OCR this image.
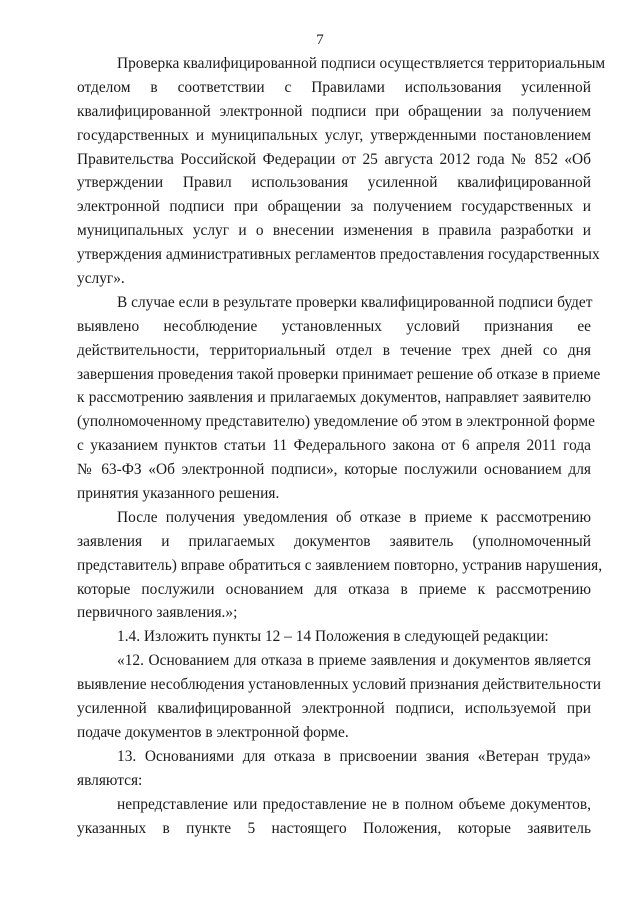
7
Проверка квалифицированной подписи осуществляется территориальным
отделом в соответствии с Правилами использования усиленной
квалифицированной электронной подписи при обращении за получением
государственных и муниципальных услуг, утвержденными постановлением
Правительства Российской Федерации от 25 августа 2012 года № 852 «Об
утверждении Правил использования усиленной квалифицированной
электронной подписи при обращении за получением государственных и
муниципальных услуг и о внесении изменения в правила разработки и
утверждения административных регламентов предоставления государственных
услуг».
В случае если в результате проверки квалифицированной подписи будет
выявлено несоблюдение установленных условий признания ее
действительности, территориальный отдел в течение трех дней со дня
завершения проведения такой проверки принимает решение об отказе в приеме
к рассмотрению заявления и прилагаемых документов, направляет заявителю
(уполномоченному представителю) уведомление об этом в электронной форме
с указанием пунктов статьи 11 Федерального закона от 6 апреля 2011 года
№ 63-ФЗ «Об электронной подписи», которые послужили основанием для
принятия указанного решения.
После получения уведомления об отказе в приеме к рассмотрению
заявления и прилагаемых документов заявитель (уполномоченный
представитель) вправе обратиться с заявлением повторно, устранив нарушения,
которые послужили основанием для отказа в приеме к рассмотрению
первичного заявления.»;
1.4. Изложить пункты 12 – 14 Положения в следующей редакции:
«12. Основанием для отказа в приеме заявления и документов является
выявление несоблюдения установленных условий признания действительности
усиленной квалифицированной электронной подписи, используемой при
подаче документов в электронной форме.
13. Основаниями для отказа в присвоении звания «Ветеран труда»
являются:
непредставление или предоставление не в полном объеме документов,
указанных в пункте 5 настоящего Положения, которые заявитель
